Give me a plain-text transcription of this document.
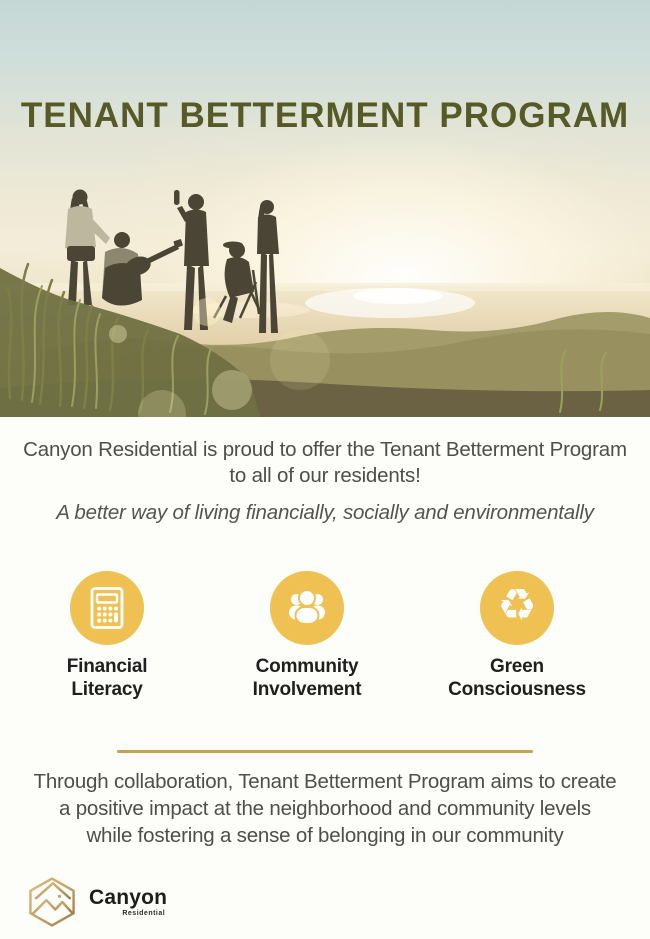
TENANT BETTERMENT PROGRAM

Canyon Residential is proud to offer the Tenant Betterment Program

to all of our residents!

A better way of living financially, socially and environmentally

Financial
Literacy
Community
Involvement
♻
Green
Consciousness

Through collaboration, Tenant Betterment Program aims to create

a positive impact at the neighborhood and community levels

while fostering a sense of belonging in our community

Canyon
Residential
